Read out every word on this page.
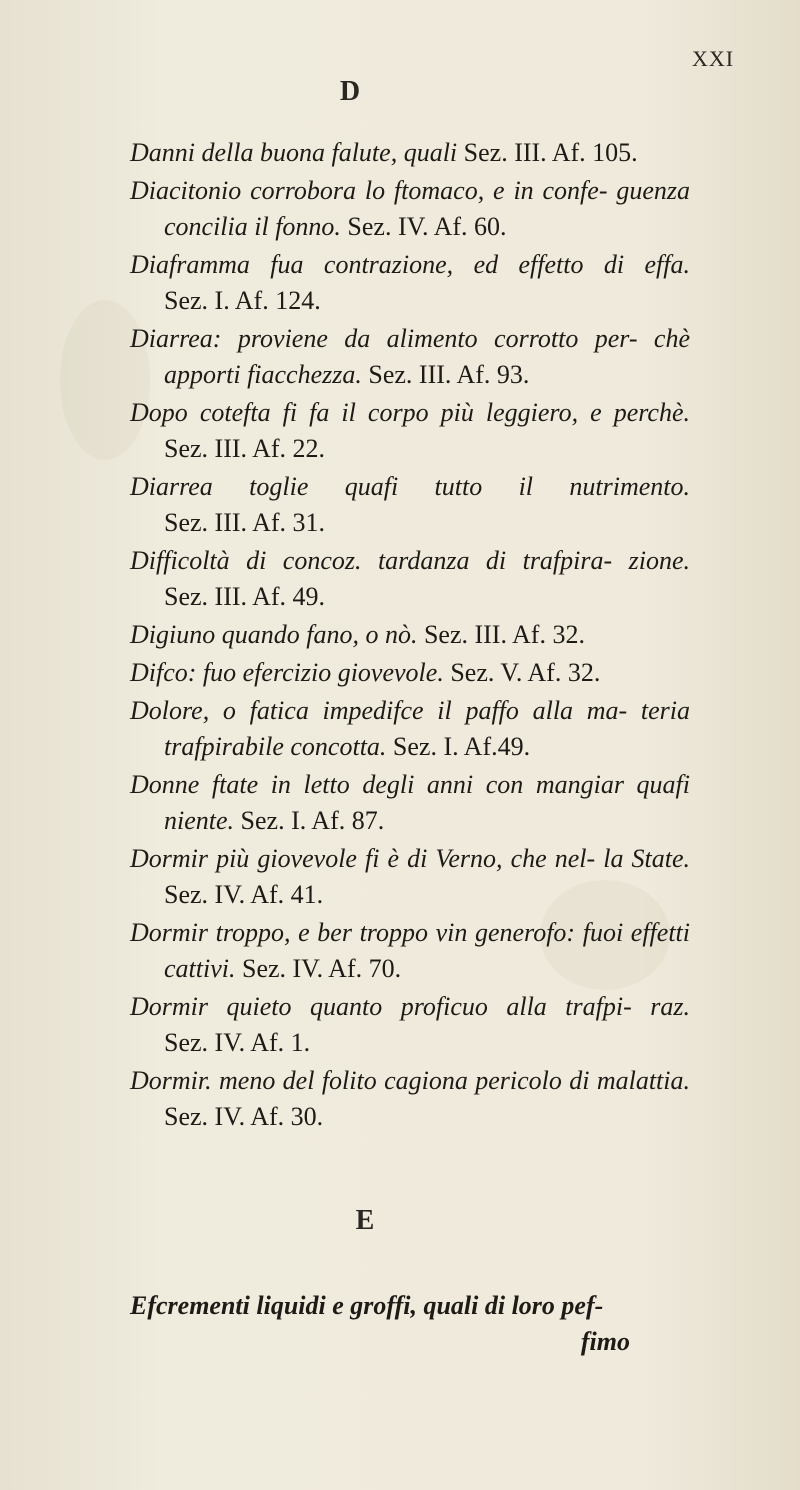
XXI
D

Danni della buona falute, quali Sez. III. Af. 105.

Diacitonio corrobora lo ftomaco, e in confe- guenza concilia il fonno. Sez. IV. Af. 60.

Diaframma fua contrazione, ed effetto di effa. Sez. I. Af. 124.

Diarrea: proviene da alimento corrotto per- chè apporti fiacchezza. Sez. III. Af. 93.

Dopo cotefta fi fa il corpo più leggiero, e perchè. Sez. III. Af. 22.

Diarrea toglie quafi tutto il nutrimento. Sez. III. Af. 31.

Difficoltà di concoz. tardanza di trafpira- zione. Sez. III. Af. 49.

Digiuno quando fano, o nò. Sez. III. Af. 32.

Difco: fuo efercizio giovevole. Sez. V. Af. 32.

Dolore, o fatica impedifce il paffo alla ma- teria trafpirabile concotta. Sez. I. Af.49.

Donne ftate in letto degli anni con mangiar quafi niente. Sez. I. Af. 87.

Dormir più giovevole fi è di Verno, che nel- la State. Sez. IV. Af. 41.

Dormir troppo, e ber troppo vin generofo: fuoi effetti cattivi. Sez. IV. Af. 70.

Dormir quieto quanto proficuo alla trafpi- raz. Sez. IV. Af. 1.

Dormir. meno del folito cagiona pericolo di malattia. Sez. IV. Af. 30.

E

Efcrementi liquidi e groffi, quali di loro pef-
fimo
